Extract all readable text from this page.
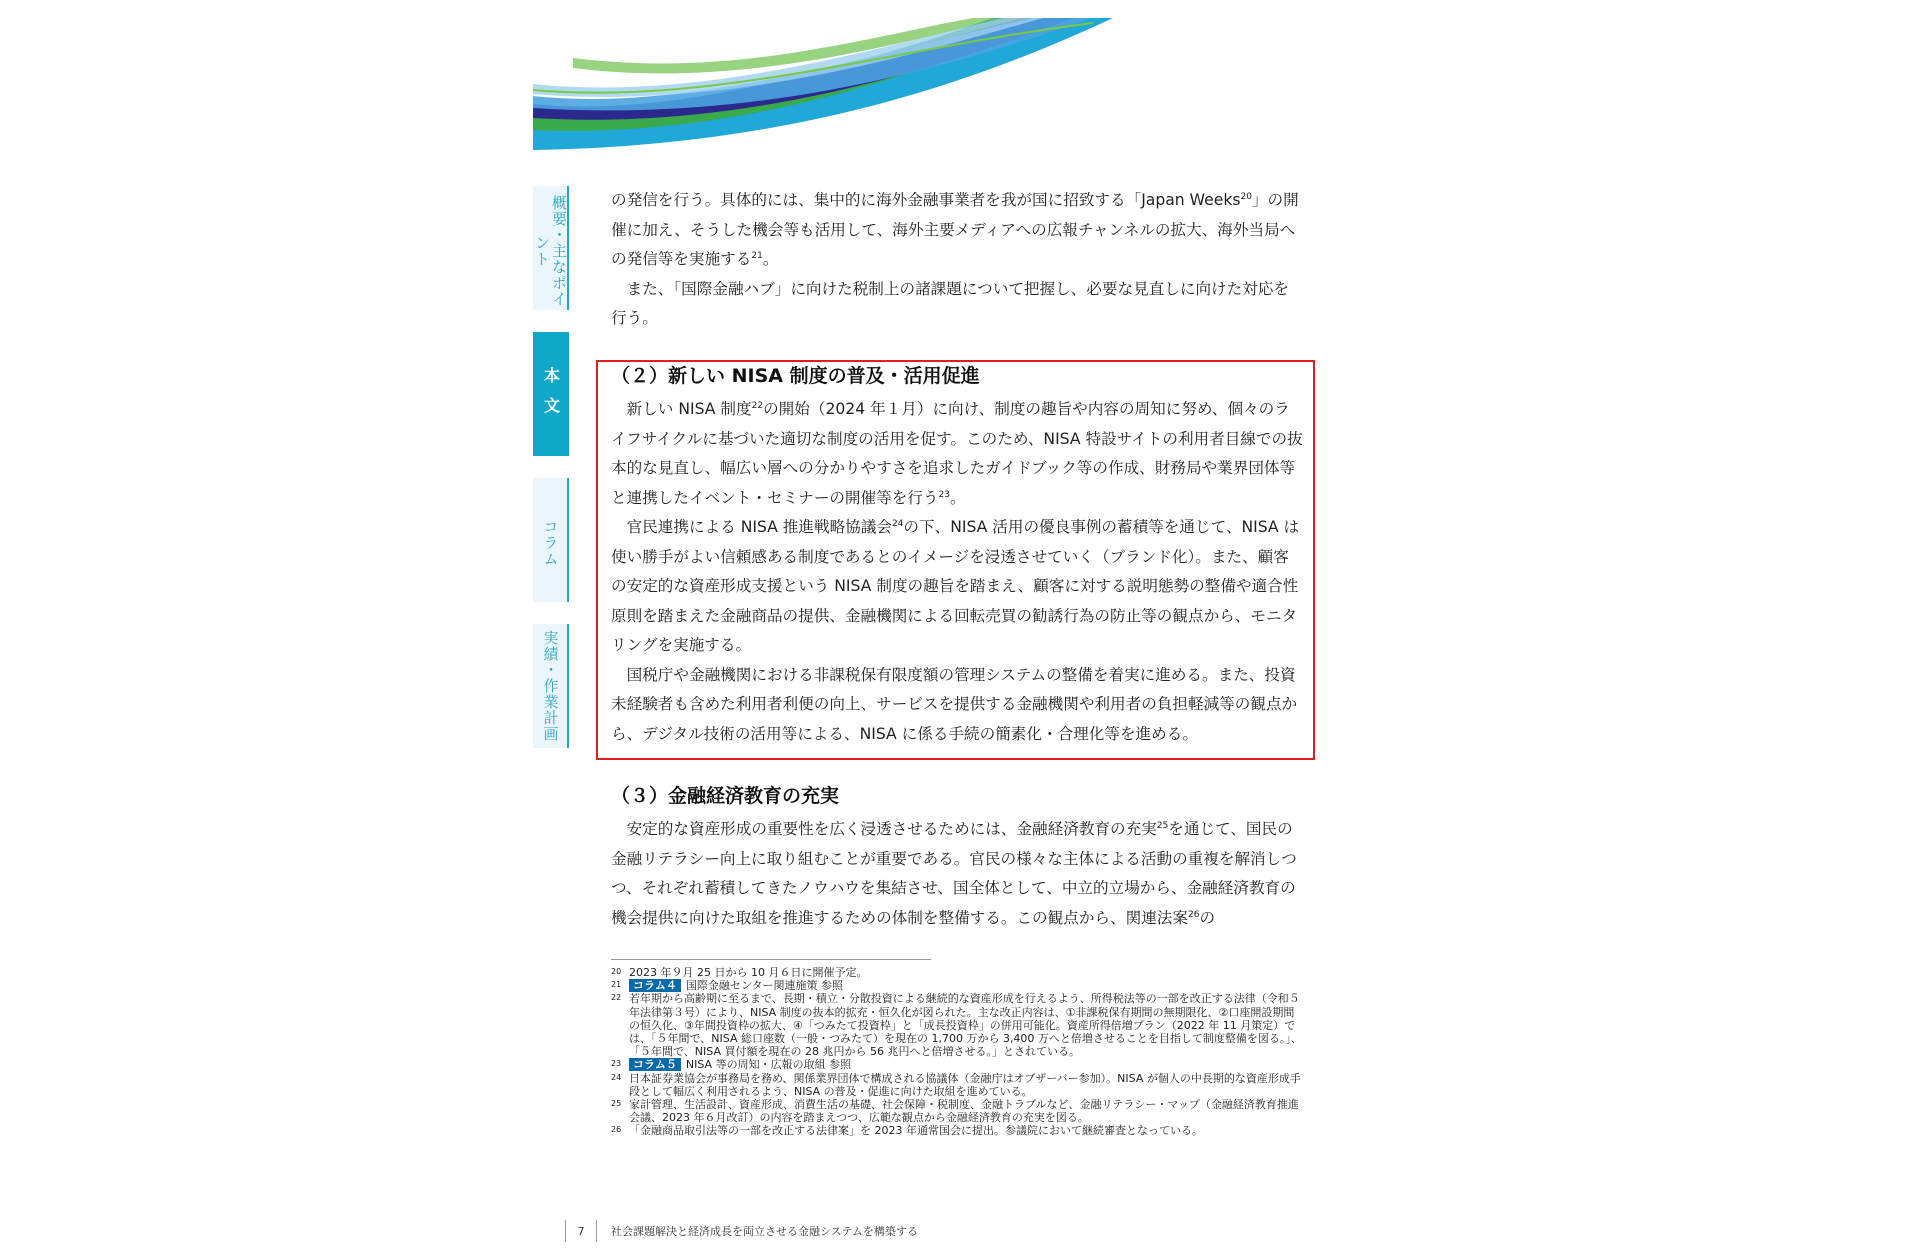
概要・主なポイント
本文
コラム
実績・作業計画

の発信を行う。具体的には、集中的に海外金融事業者を我が国に招致する「Japan Weeks$^{20}$」の開催に加え、そうした機会等も活用して、海外主要メディアへの広報チャンネルの拡大、海外当局への発信等を実施する$^{21}$。

また、「国際金融ハブ」に向けた税制上の諸課題について把握し、必要な見直しに向けた対応を行う。

（２）新しい NISA 制度の普及・活用促進

新しい NISA 制度$^{22}$の開始（2024 年１月）に向け、制度の趣旨や内容の周知に努め、個々のライフサイクルに基づいた適切な制度の活用を促す。このため、NISA 特設サイトの利用者目線での抜本的な見直し、幅広い層への分かりやすさを追求したガイドブック等の作成、財務局や業界団体等と連携したイベント・セミナーの開催等を行う$^{23}$。

官民連携による NISA 推進戦略協議会$^{24}$の下、NISA 活用の優良事例の蓄積等を通じて、NISA は使い勝手がよい信頼感ある制度であるとのイメージを浸透させていく（ブランド化）。また、顧客の安定的な資産形成支援という NISA 制度の趣旨を踏まえ、顧客に対する説明態勢の整備や適合性原則を踏まえた金融商品の提供、金融機関による回転売買の勧誘行為の防止等の観点から、モニタリングを実施する。

国税庁や金融機関における非課税保有限度額の管理システムの整備を着実に進める。また、投資未経験者も含めた利用者利便の向上、サービスを提供する金融機関や利用者の負担軽減等の観点から、デジタル技術の活用等による、NISA に係る手続の簡素化・合理化等を進める。

（３）金融経済教育の充実

安定的な資産形成の重要性を広く浸透させるためには、金融経済教育の充実$^{25}$を通じて、国民の金融リテラシー向上に取り組むことが重要である。官民の様々な主体による活動の重複を解消しつつ、それぞれ蓄積してきたノウハウを集結させ、国全体として、中立的立場から、金融経済教育の機会提供に向けた取組を推進するための体制を整備する。この観点から、関連法案$^{26}$の

20 2023 年９月 25 日から 10 月６日に開催予定。
21	コラム４ 国際金融センター関連施策 参照
22 若年期から高齢期に至るまで、長期・積立・分散投資による継続的な資産形成を行えるよう、所得税法等の一部を改正する法律（令和５年法律第３号）により、NISA 制度の抜本的拡充・恒久化が図られた。主な改正内容は、①非課税保有期間の無期限化、②口座開設期間の恒久化、③年間投資枠の拡大、④「つみたて投資枠」と「成長投資枠」の併用可能化。資産所得倍増プラン（2022 年 11 月策定）では、「５年間で、NISA 総口座数（一般・つみたて）を現在の 1,700 万から 3,400 万へと倍増させることを目指して制度整備を図る。」、「５年間で、NISA 買付額を現在の 28 兆円から 56 兆円へと倍増させる。」とされている。
23	コラム５ NISA 等の周知・広報の取組 参照
24 日本証券業協会が事務局を務め、関係業界団体で構成される協議体（金融庁はオブザーバー参加）。NISA が個人の中長期的な資産形成手段として幅広く利用されるよう、NISA の普及・促進に向けた取組を進めている。
25 家計管理、生活設計、資産形成、消費生活の基礎、社会保障・税制度、金融トラブルなど、金融リテラシー・マップ（金融経済教育推進会議、2023 年６月改訂）の内容を踏まえつつ、広範な観点から金融経済教育の充実を図る。
26 「金融商品取引法等の一部を改正する法律案」を 2023 年通常国会に提出。参議院において継続審査となっている。
7	社会課題解決と経済成長を両立させる金融システムを構築する
